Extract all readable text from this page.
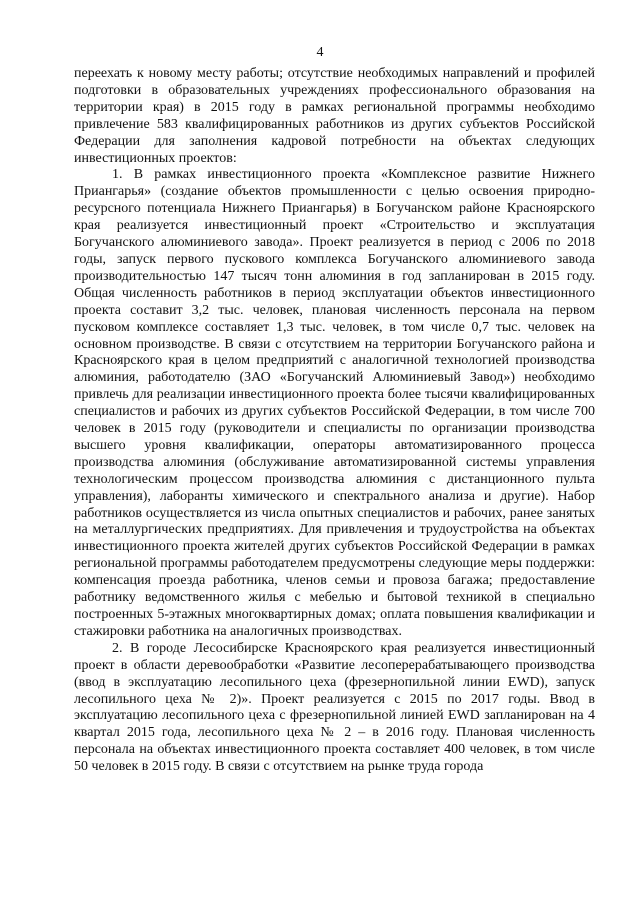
4

переехать к новому месту работы; отсутствие необходимых направлений и профилей подготовки в образовательных учреждениях профессионального образования на территории края) в 2015 году в рамках региональной программы необходимо привлечение 583 квалифицированных работников из других субъектов Российской Федерации для заполнения кадровой потребности на объектах следующих инвестиционных проектов:

1. В рамках инвестиционного проекта «Комплексное развитие Нижнего Приангарья» (создание объектов промышленности с целью освоения природно-ресурсного потенциала Нижнего Приангарья) в Богучанском районе Красноярского края реализуется инвестиционный проект «Строительство и эксплуатация Богучанского алюминиевого завода». Проект реализуется в период с 2006 по 2018 годы, запуск первого пускового комплекса Богучанского алюминиевого завода производительностью 147 тысяч тонн алюминия в год запланирован в 2015 году. Общая численность работников в период эксплуатации объектов инвестиционного проекта составит 3,2 тыс. человек, плановая численность персонала на первом пусковом комплексе составляет 1,3 тыс. человек, в том числе 0,7 тыс. человек на основном производстве. В связи с отсутствием на территории Богучанского района и Красноярского края в целом предприятий с аналогичной технологией производства алюминия, работодателю (ЗАО «Богучанский Алюминиевый Завод») необходимо привлечь для реализации инвестиционного проекта более тысячи квалифицированных специалистов и рабочих из других субъектов Российской Федерации, в том числе 700 человек в 2015 году (руководители и специалисты по организации производства высшего уровня квалификации, операторы автоматизированного процесса производства алюминия (обслуживание автоматизированной системы управления технологическим процессом производства алюминия с дистанционного пульта управления), лаборанты химического и спектрального анализа и другие). Набор работников осуществляется из числа опытных специалистов и рабочих, ранее занятых на металлургических предприятиях. Для привлечения и трудоустройства на объектах инвестиционного проекта жителей других субъектов Российской Федерации в рамках региональной программы работодателем предусмотрены следующие меры поддержки: компенсация проезда работника, членов семьи и провоза багажа; предоставление работнику ведомственного жилья с мебелью и бытовой техникой в специально построенных 5-этажных многоквартирных домах; оплата повышения квалификации и стажировки работника на аналогичных производствах.

2. В городе Лесосибирске Красноярского края реализуется инвестиционный проект в области деревообработки «Развитие лесоперерабатывающего производства (ввод в эксплуатацию лесопильного цеха (фрезернопильной линии EWD), запуск лесопильного цеха № 2)». Проект реализуется с 2015 по 2017 годы. Ввод в эксплуатацию лесопильного цеха с фрезернопильной линией EWD запланирован на 4 квартал 2015 года, лесопильного цеха № 2 – в 2016 году. Плановая численность персонала на объектах инвестиционного проекта составляет 400 человек, в том числе 50 человек в 2015 году. В связи с отсутствием на рынке труда города
